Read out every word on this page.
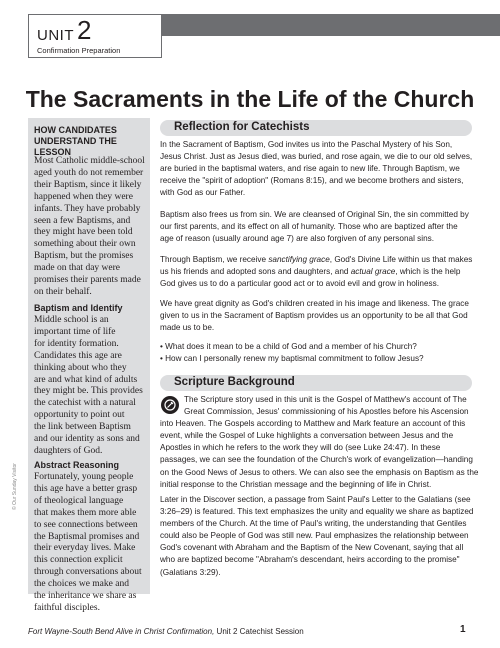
UNIT 2
Confirmation Preparation
The Sacraments in the Life of the Church
HOW CANDIDATES
UNDERSTAND THE
LESSON
Most Catholic middle-school
aged youth do not remember
their Baptism, since it likely
happened when they were
infants. They have probably
seen a few Baptisms, and
they might have been told
something about their own
Baptism, but the promises
made on that day were
promises their parents made
on their behalf.
Baptism and Identify
Middle school is an
important time of life
for identity formation.
Candidates this age are
thinking about who they
are and what kind of adults
they might be. This provides
the catechist with a natural
opportunity to point out
the link between Baptism
and our identity as sons and
daughters of God.
Abstract Reasoning
Fortunately, young people
this age have a better grasp
of theological language
that makes them more able
to see connections between
the Baptismal promises and
their everyday lives. Make
this connection explicit
through conversations about
the choices we make and
the inheritance we share as
faithful disciples.
© Our Sunday Visitor
Reflection for Catechists
In the Sacrament of Baptism, God invites us into the Paschal Mystery of his Son,
Jesus Christ. Just as Jesus died, was buried, and rose again, we die to our old selves,
are buried in the baptismal waters, and rise again to new life. Through Baptism, we
receive the "spirit of adoption" (Romans 8:15), and we become brothers and sisters,
with God as our Father.
Baptism also frees us from sin. We are cleansed of Original Sin, the sin committed by
our first parents, and its effect on all of humanity. Those who are baptized after the
age of reason (usually around age 7) are also forgiven of any personal sins.
Through Baptism, we receive sanctifying grace, God's Divine Life within us that makes
us his friends and adopted sons and daughters, and actual grace, which is the help
God gives us to do a particular good act or to avoid evil and grow in holiness.
We have great dignity as God's children created in his image and likeness. The grace
given to us in the Sacrament of Baptism provides us an opportunity to be all that God
made us to be.
• What does it mean to be a child of God and a member of his Church?
• How can I personally renew my baptismal commitment to follow Jesus?
Scripture Background
The Scripture story used in this unit is the Gospel of Matthew's account of The
Great Commission, Jesus' commissioning of his Apostles before his Ascension
into Heaven. The Gospels according to Matthew and Mark feature an account of this
event, while the Gospel of Luke highlights a conversation between Jesus and the
Apostles in which he refers to the work they will do (see Luke 24:47). In these
passages, we can see the foundation of the Church's work of evangelization—handing
on the Good News of Jesus to others. We can also see the emphasis on Baptism as the
initial response to the Christian message and the beginning of life in Christ.
Later in the Discover section, a passage from Saint Paul's Letter to the Galatians (see
3:26–29) is featured. This text emphasizes the unity and equality we share as baptized
members of the Church. At the time of Paul's writing, the understanding that Gentiles
could also be People of God was still new. Paul emphasizes the relationship between
God's covenant with Abraham and the Baptism of the New Covenant, saying that all
who are baptized become "Abraham's descendant, heirs according to the promise"
(Galatians 3:29).
Fort Wayne-South Bend Alive in Christ Confirmation, Unit 2 Catechist Session	1
